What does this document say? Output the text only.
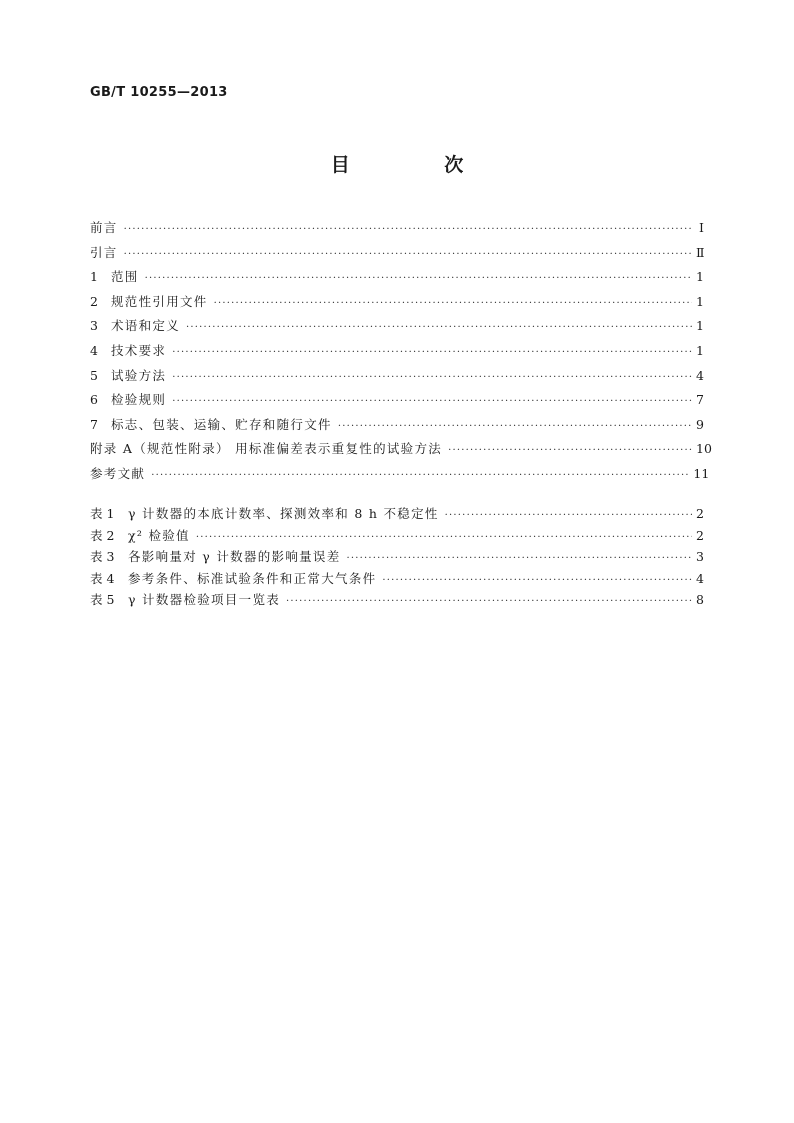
GB/T 10255—2013
目 次
前言 ·····	Ⅰ
引言 ·····	Ⅱ
1	范围 ·····	1
2	规范性引用文件 ·····	1
3	术语和定义 ·····	1
4	技术要求 ·····	1
5	试验方法 ·····	4
6	检验规则 ·····	7
7	标志、包装、运输、贮存和随行文件 ·····	9
附录 A（规范性附录） 用标准偏差表示重复性的试验方法 ·····	10
参考文献 ·····	11
表 1	γ 计数器的本底计数率、探测效率和 8 h 不稳定性 ·····	2
表 2	χ² 检验值 ·····	2
表 3	各影响量对 γ 计数器的影响量误差 ·····	3
表 4	参考条件、标准试验条件和正常大气条件 ·····	4
表 5	γ 计数器检验项目一览表 ·····	8
